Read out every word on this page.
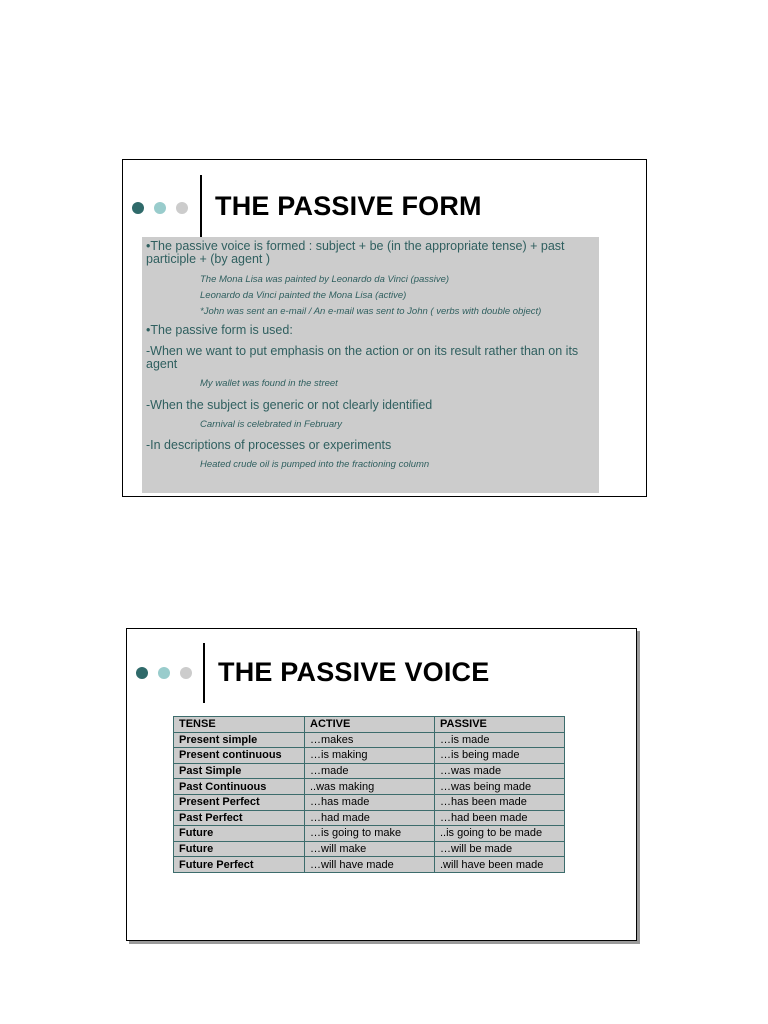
THE PASSIVE FORM

•The passive voice is formed : subject + be (in the appropriate tense) + past participle + (by agent )

The Mona Lisa was painted by Leonardo da Vinci (passive)

Leonardo da Vinci painted the Mona Lisa (active)

*John was sent an e-mail / An e-mail was sent to John ( verbs with double object)

•The passive form is used:

-When we want to put emphasis on the action or on its result rather than on its agent

My wallet was found in the street

-When the subject is generic or not clearly identified

Carnival is celebrated in February

-In descriptions of processes or experiments

Heated crude oil is pumped into the fractioning column

THE PASSIVE VOICE
TENSE	ACTIVE	PASSIVE
Present simple	…makes	…is made
Present continuous	…is making	…is being made
Past Simple	…made	…was made
Past Continuous	..was making	…was being made
Present Perfect	…has made	…has been made
Past Perfect	…had made	…had been made
Future	…is going to make	..is going to be made
Future	…will make	…will be made
Future Perfect	…will have made	.will have been made
